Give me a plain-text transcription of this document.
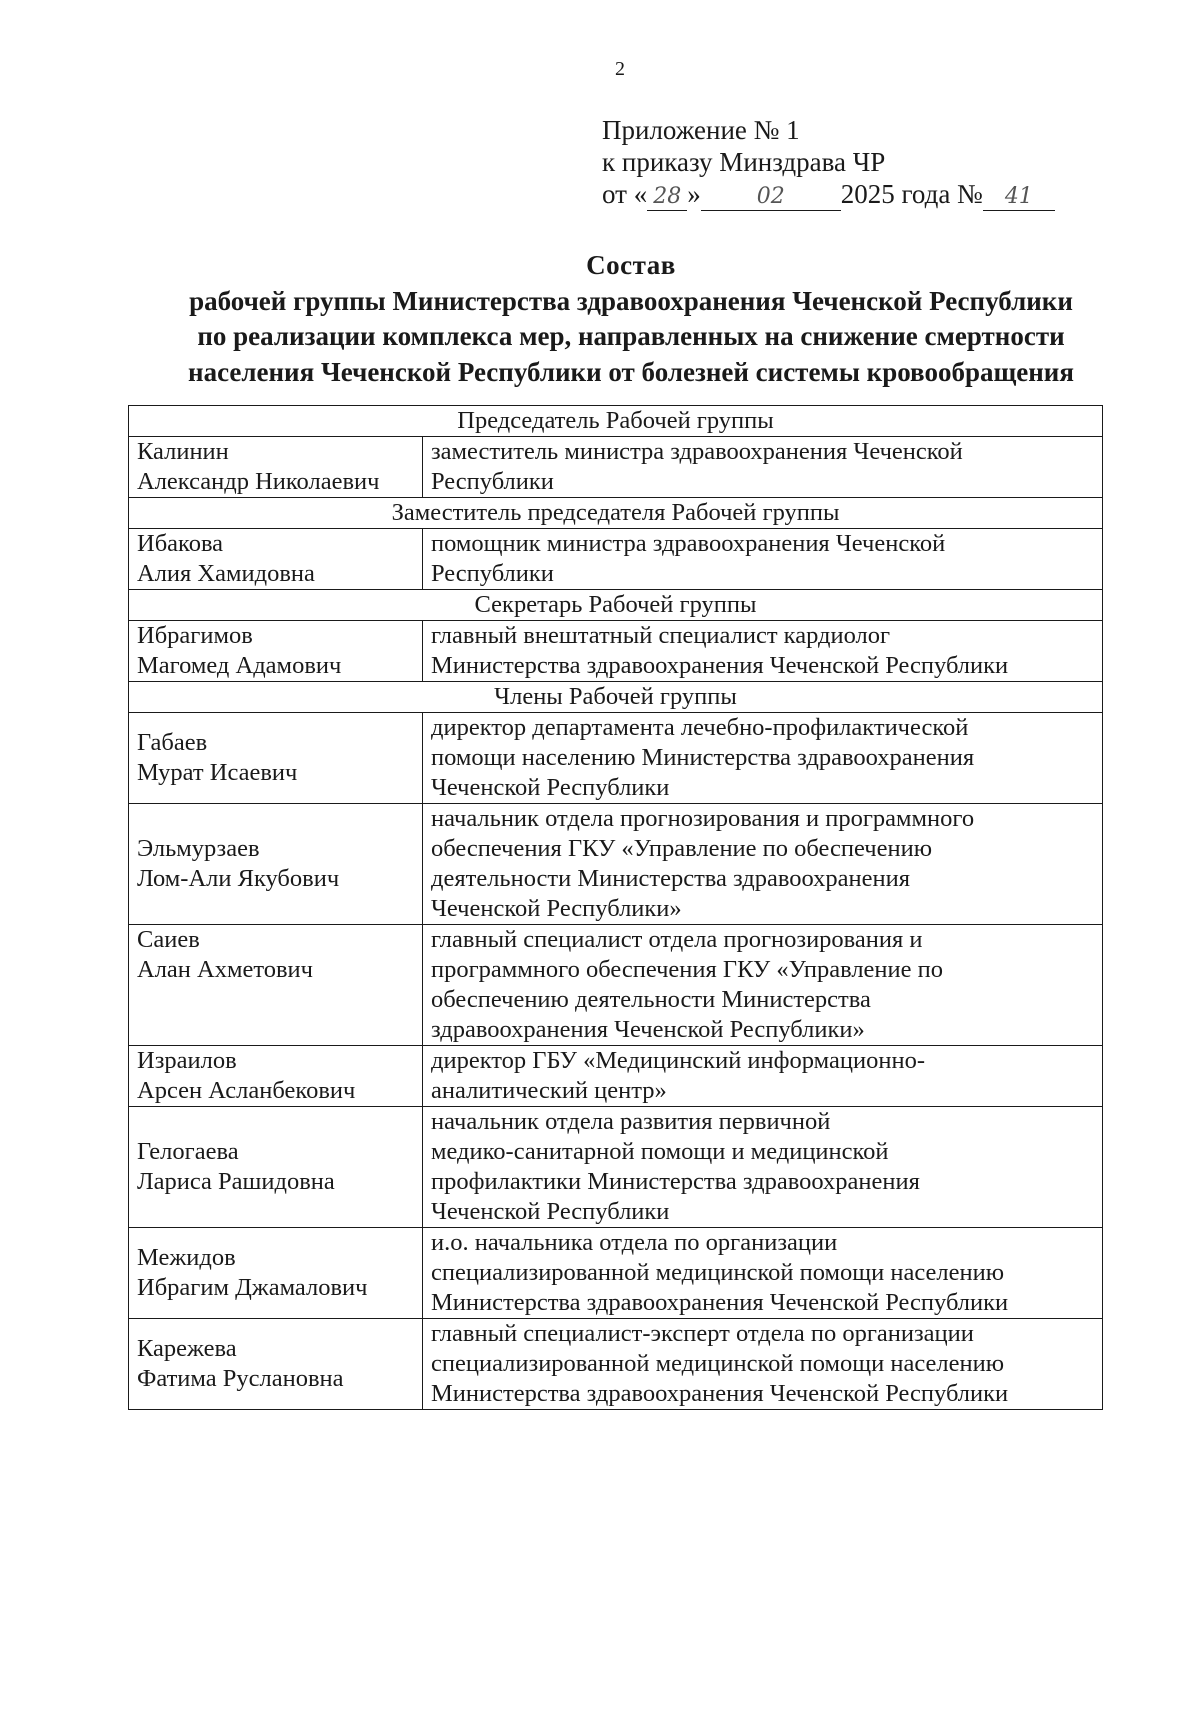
2
Приложение № 1
к приказу Минздрава ЧР
от « 28 »	02 2025 года № 41
Состав
рабочей группы Министерства здравоохранения Чеченской Республики
по реализации комплекса мер, направленных на снижение смертности
населения Чеченской Республики от болезней системы кровообращения
Председатель Рабочей группы	

Калинин
Александр Николаевич	заместитель министра здравоохранения Чеченской
Республики

Заместитель председателя Рабочей группы	

Ибакова
Алия Хамидовна	помощник министра здравоохранения Чеченской
Республики

Секретарь Рабочей группы	

Ибрагимов
Магомед Адамович	главный внештатный специалист кардиолог
Министерства здравоохранения Чеченской Республики

Члены Рабочей группы	

Габаев
Мурат Исаевич	директор департамента лечебно-профилактической
помощи населению Министерства здравоохранения
Чеченской Республики

Эльмурзаев
Лом-Али Якубович	начальник отдела прогнозирования и программного
обеспечения ГКУ «Управление по обеспечению
деятельности Министерства здравоохранения
Чеченской Республики»

Саиев
Алан Ахметович	главный специалист отдела прогнозирования и
программного обеспечения ГКУ «Управление по
обеспечению деятельности Министерства
здравоохранения Чеченской Республики»

Израилов
Арсен Асланбекович	директор ГБУ «Медицинский информационно-
аналитический центр»

Гелогаева
Лариса Рашидовна	начальник отдела развития первичной
медико-санитарной помощи и медицинской
профилактики Министерства здравоохранения
Чеченской Республики

Межидов
Ибрагим Джамалович	и.о. начальника отдела по организации
специализированной медицинской помощи населению
Министерства здравоохранения Чеченской Республики

Карежева
Фатима Руслановна	главный специалист-эксперт отдела по организации
специализированной медицинской помощи населению
Министерства здравоохранения Чеченской Республики
